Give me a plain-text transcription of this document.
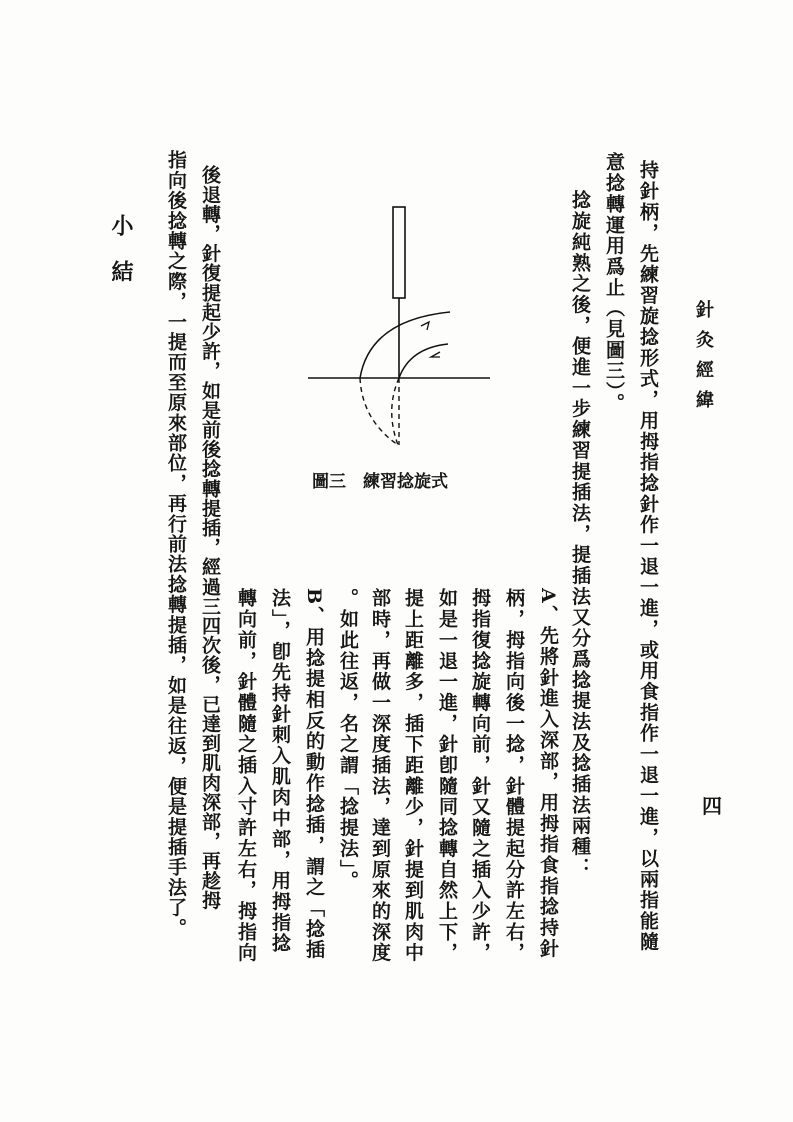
針灸經緯
四
持針柄，先練習旋捻形式，用拇指捻針作一退一進，或用食指作一退一進，以兩指能隨
意捻轉運用爲止（見圖三）。
捻旋純熟之後，便進一步練習提插法，提插法又分爲捻提法及捻插法兩種：
A、先將針進入深部，用拇指食指捻持針
柄，拇指向後一捻，針體提起分許左右，
拇指復捻旋轉向前，針又隨之插入少許，
如是一退一進，針卽隨同捻轉自然上下，
提上距離多，插下距離少，針提到肌肉中
部時，再做一深度插法，達到原來的深度
。如此往返，名之謂「捻提法」。
B、用捻提相反的動作捻插，謂之「捻插
法」，卽先持針刺入肌肉中部，用拇指捻
轉向前，針體隨之插入寸許左右，拇指向
後退轉，針復提起少許，如是前後捻轉提插，經過三四次後，已達到肌肉深部，再趁拇
指向後捻轉之際，一提而至原來部位，再行前法捻轉提插，如是往返，便是提插手法了。
小結
圖三　練習捻旋式
